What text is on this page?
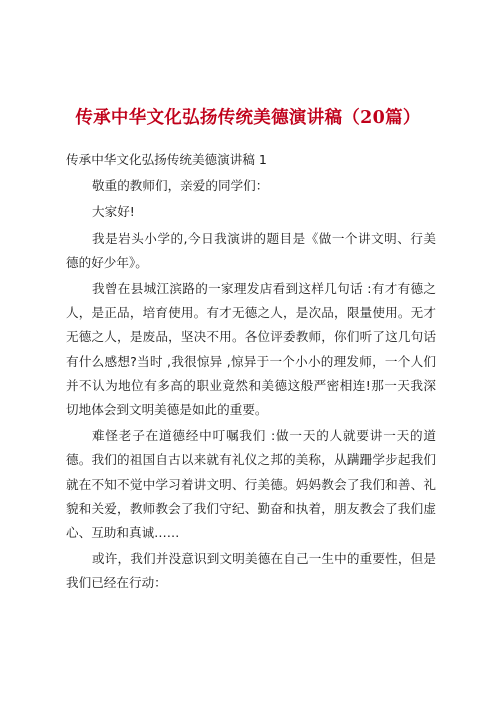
传承中华文化弘扬传统美德演讲稿（20篇）

传承中华文化弘扬传统美德演讲稿 1

敬重的教师们，亲爱的同学们：

大家好!

我是岩头小学的,今日我演讲的题目是《做一个讲文明、行美德的好少年》。

我曾在县城江滨路的一家理发店看到这样几句话 :有才有德之人，是正品，培育使用。有才无德之人，是次品，限量使用。无才无德之人，是废品，坚决不用。各位评委教师，你们听了这几句话有什么感想?当时 ,我很惊异 ,惊异于一个小小的理发师，一个人们并不认为地位有多高的职业竟然和美德这般严密相连!那一天我深切地体会到文明美德是如此的重要。

难怪老子在道德经中叮嘱我们 :做一天的人就要讲一天的道德。我们的祖国自古以来就有礼仪之邦的美称，从蹒跚学步起我们就在不知不觉中学习着讲文明、行美德。妈妈教会了我们和善、礼貌和关爱，教师教会了我们守纪、勤奋和执着，朋友教会了我们虚心、互助和真诚……

或许，我们并没意识到文明美德在自己一生中的重要性，但是我们已经在行动：
